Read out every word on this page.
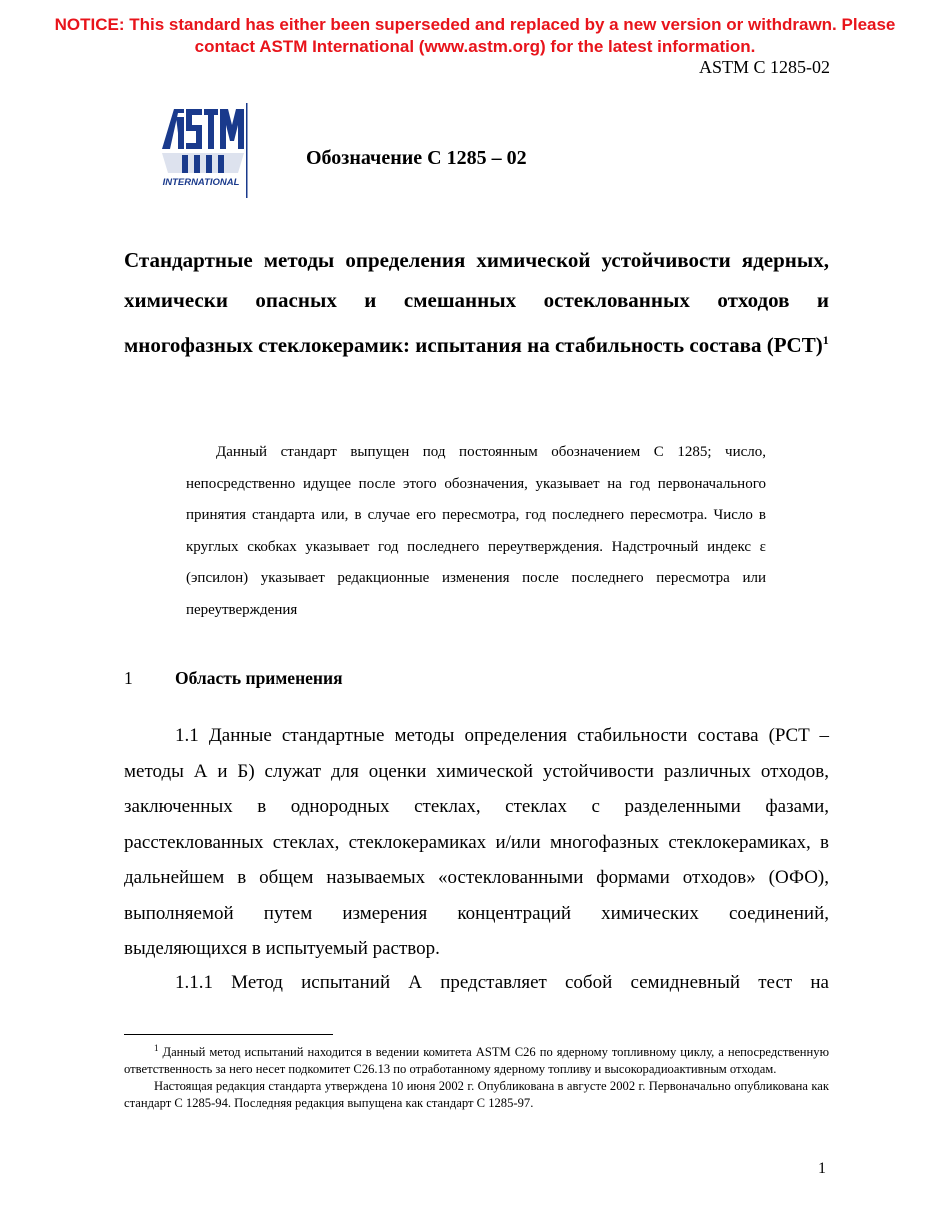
NOTICE: This standard has either been superseded and replaced by a new version or withdrawn. Please
contact ASTM International (www.astm.org) for the latest information.
ASTM C 1285-02
INTERNATIONAL
Обозначение С 1285 – 02
Стандартные методы определения химической устойчивости ядерных, химически опасных и смешанных остеклованных отходов и многофазных стеклокерамик: испытания на стабильность состава (PCT)$^1$
Данный стандарт выпущен под постоянным обозначением С 1285; число, непосредственно идущее после этого обозначения, указывает на год первоначального принятия стандарта или, в случае его пересмотра, год последнего пересмотра. Число в круглых скобках указывает год последнего переутверждения. Надстрочный индекс ε (эпсилон) указывает редакционные изменения после последнего пересмотра или переутверждения
1 Область применения
1.1 Данные стандартные методы определения стабильности состава (PCT – методы А и Б) служат для оценки химической устойчивости различных отходов, заключенных в однородных стеклах, стеклах с разделенными фазами, расстеклованных стеклах, стеклокерамиках и/или многофазных стеклокерамиках, в дальнейшем в общем называемых «остеклованными формами отходов» (ОФО), выполняемой путем измерения концентраций химических соединений, выделяющихся в испытуемый раствор.
1.1.1 Метод испытаний А представляет собой семидневный тест на

$^1$ Данный метод испытаний находится в ведении комитета ASTM C26 по ядерному топливному циклу, а непосредственную ответственность за него несет подкомитет C26.13 по отработанному ядерному топливу и высокорадиоактивным отходам.

Настоящая редакция стандарта утверждена 10 июня 2002 г. Опубликована в августе 2002 г. Первоначально опубликована как стандарт С 1285-94. Последняя редакция выпущена как стандарт С 1285-97.

1
